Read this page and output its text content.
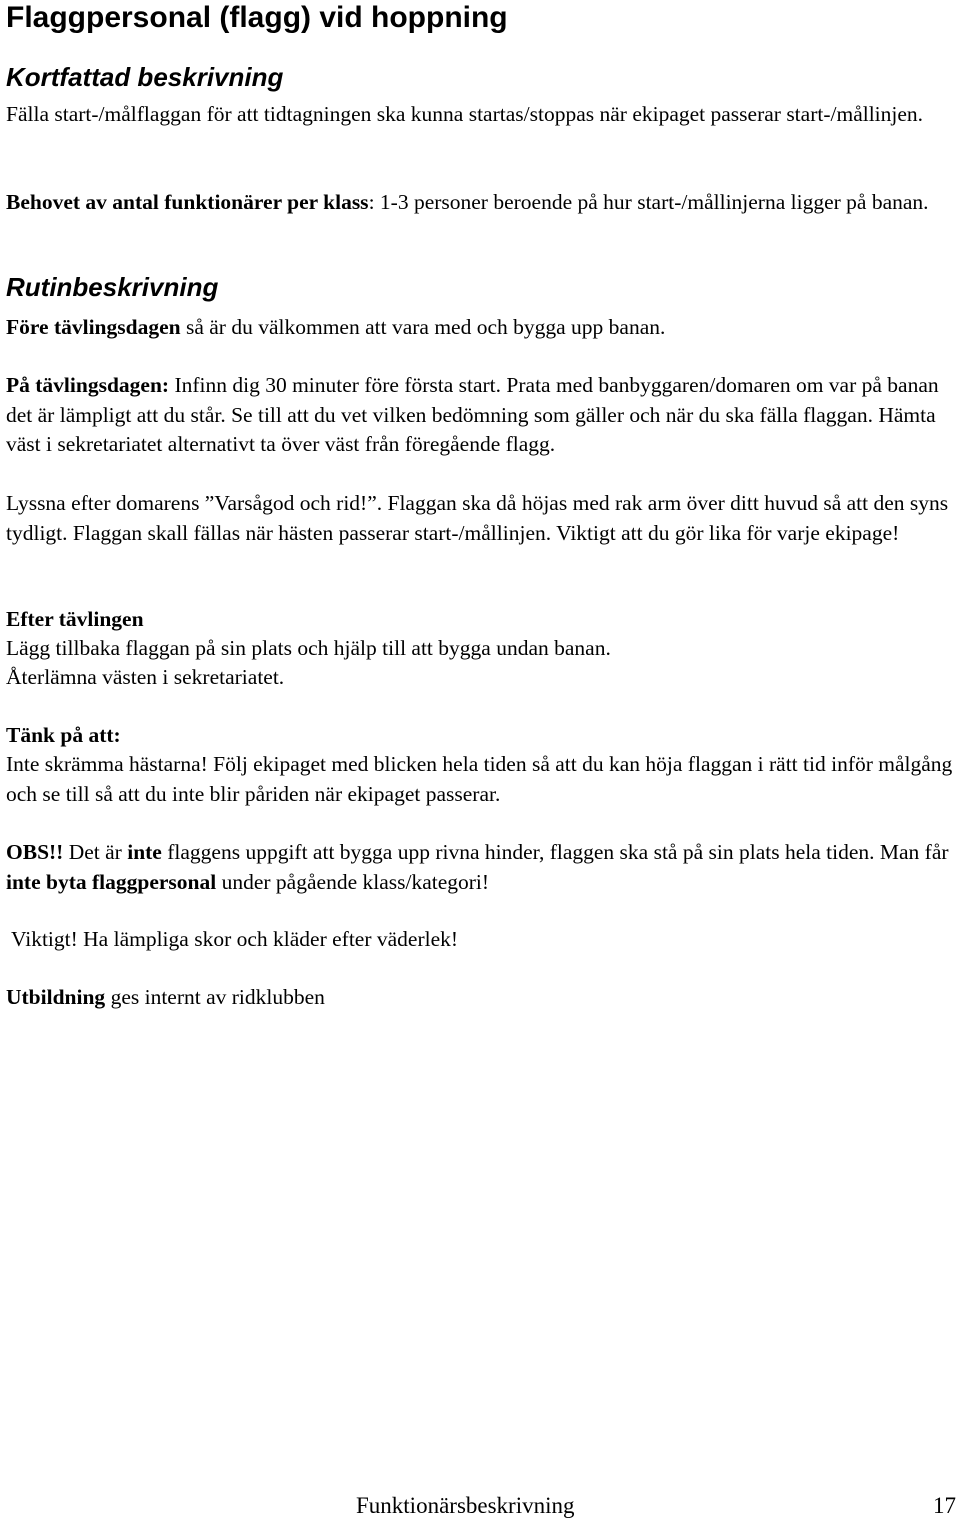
Flaggpersonal (flagg) vid hoppning
Kortfattad beskrivning
Fälla start-/målflaggan för att tidtagningen ska kunna startas/stoppas när ekipaget passerar start-/mållinjen.
Behovet av antal funktionärer per klass: 1-3 personer beroende på hur start-/mållinjerna ligger på banan.
Rutinbeskrivning
Före tävlingsdagen så är du välkommen att vara med och bygga upp banan.
På tävlingsdagen: Infinn dig 30 minuter före första start. Prata med banbyggaren/domaren om var på banan det är lämpligt att du står. Se till att du vet vilken bedömning som gäller och när du ska fälla flaggan. Hämta väst i sekretariatet alternativt ta över väst från föregående flagg.
Lyssna efter domarens ”Varsågod och rid!”. Flaggan ska då höjas med rak arm över ditt huvud så att den syns tydligt. Flaggan skall fällas när hästen passerar start-/mållinjen. Viktigt att du gör lika för varje ekipage!
Efter tävlingen
Lägg tillbaka flaggan på sin plats och hjälp till att bygga undan banan.
Återlämna västen i sekretariatet.
Tänk på att:
Inte skrämma hästarna! Följ ekipaget med blicken hela tiden så att du kan höja flaggan i rätt tid inför målgång och se till så att du inte blir påriden när ekipaget passerar.
OBS!! Det är inte flaggens uppgift att bygga upp rivna hinder, flaggen ska stå på sin plats hela tiden. Man får inte byta flaggpersonal under pågående klass/kategori!
Viktigt! Ha lämpliga skor och kläder efter väderlek!
Utbildning ges internt av ridklubben
Funktionärsbeskrivning	17
